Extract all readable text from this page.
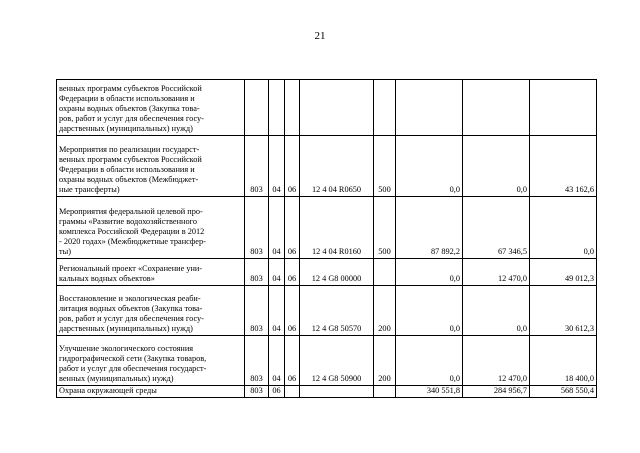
21
венных программ субъектов Российской
Федерации в области использования и
охраны водных объектов (Закупка това-
ров, работ и услуг для обеспечения госу-
дарственных (муниципальных) нужд)								
Мероприятия по реализации государст-
венных программ субъектов Российской
Федерации в области использования и
охраны водных объектов (Межбюджет-
ные трансферты)	803	04	06	12 4 04 R0650	500	0,0	0,0	43 162,6
Мероприятия федеральной целевой про-
граммы «Развитие водохозяйственного
комплекса Российской Федерации в 2012
- 2020 годах» (Межбюджетные трансфер-
ты)	803	04	06	12 4 04 R0160	500	87 892,2	67 346,5	0,0
Региональный проект «Сохранение уни-
кальных водных объектов»	803	04	06	12 4 G8 00000		0,0	12 470,0	49 012,3
Восстановление и экологическая реаби-
литация водных объектов (Закупка това-
ров, работ и услуг для обеспечения госу-
дарственных (муниципальных) нужд)	803	04	06	12 4 G8 50570	200	0,0	0,0	30 612,3
Улучшение экологического состояния
гидрографической сети (Закупка товаров,
работ и услуг для обеспечения государст-
венных (муниципальных) нужд)	803	04	06	12 4 G8 50900	200	0,0	12 470,0	18 400,0
Охрана окружающей среды	803	06				340 551,8	284 956,7	568 550,4
